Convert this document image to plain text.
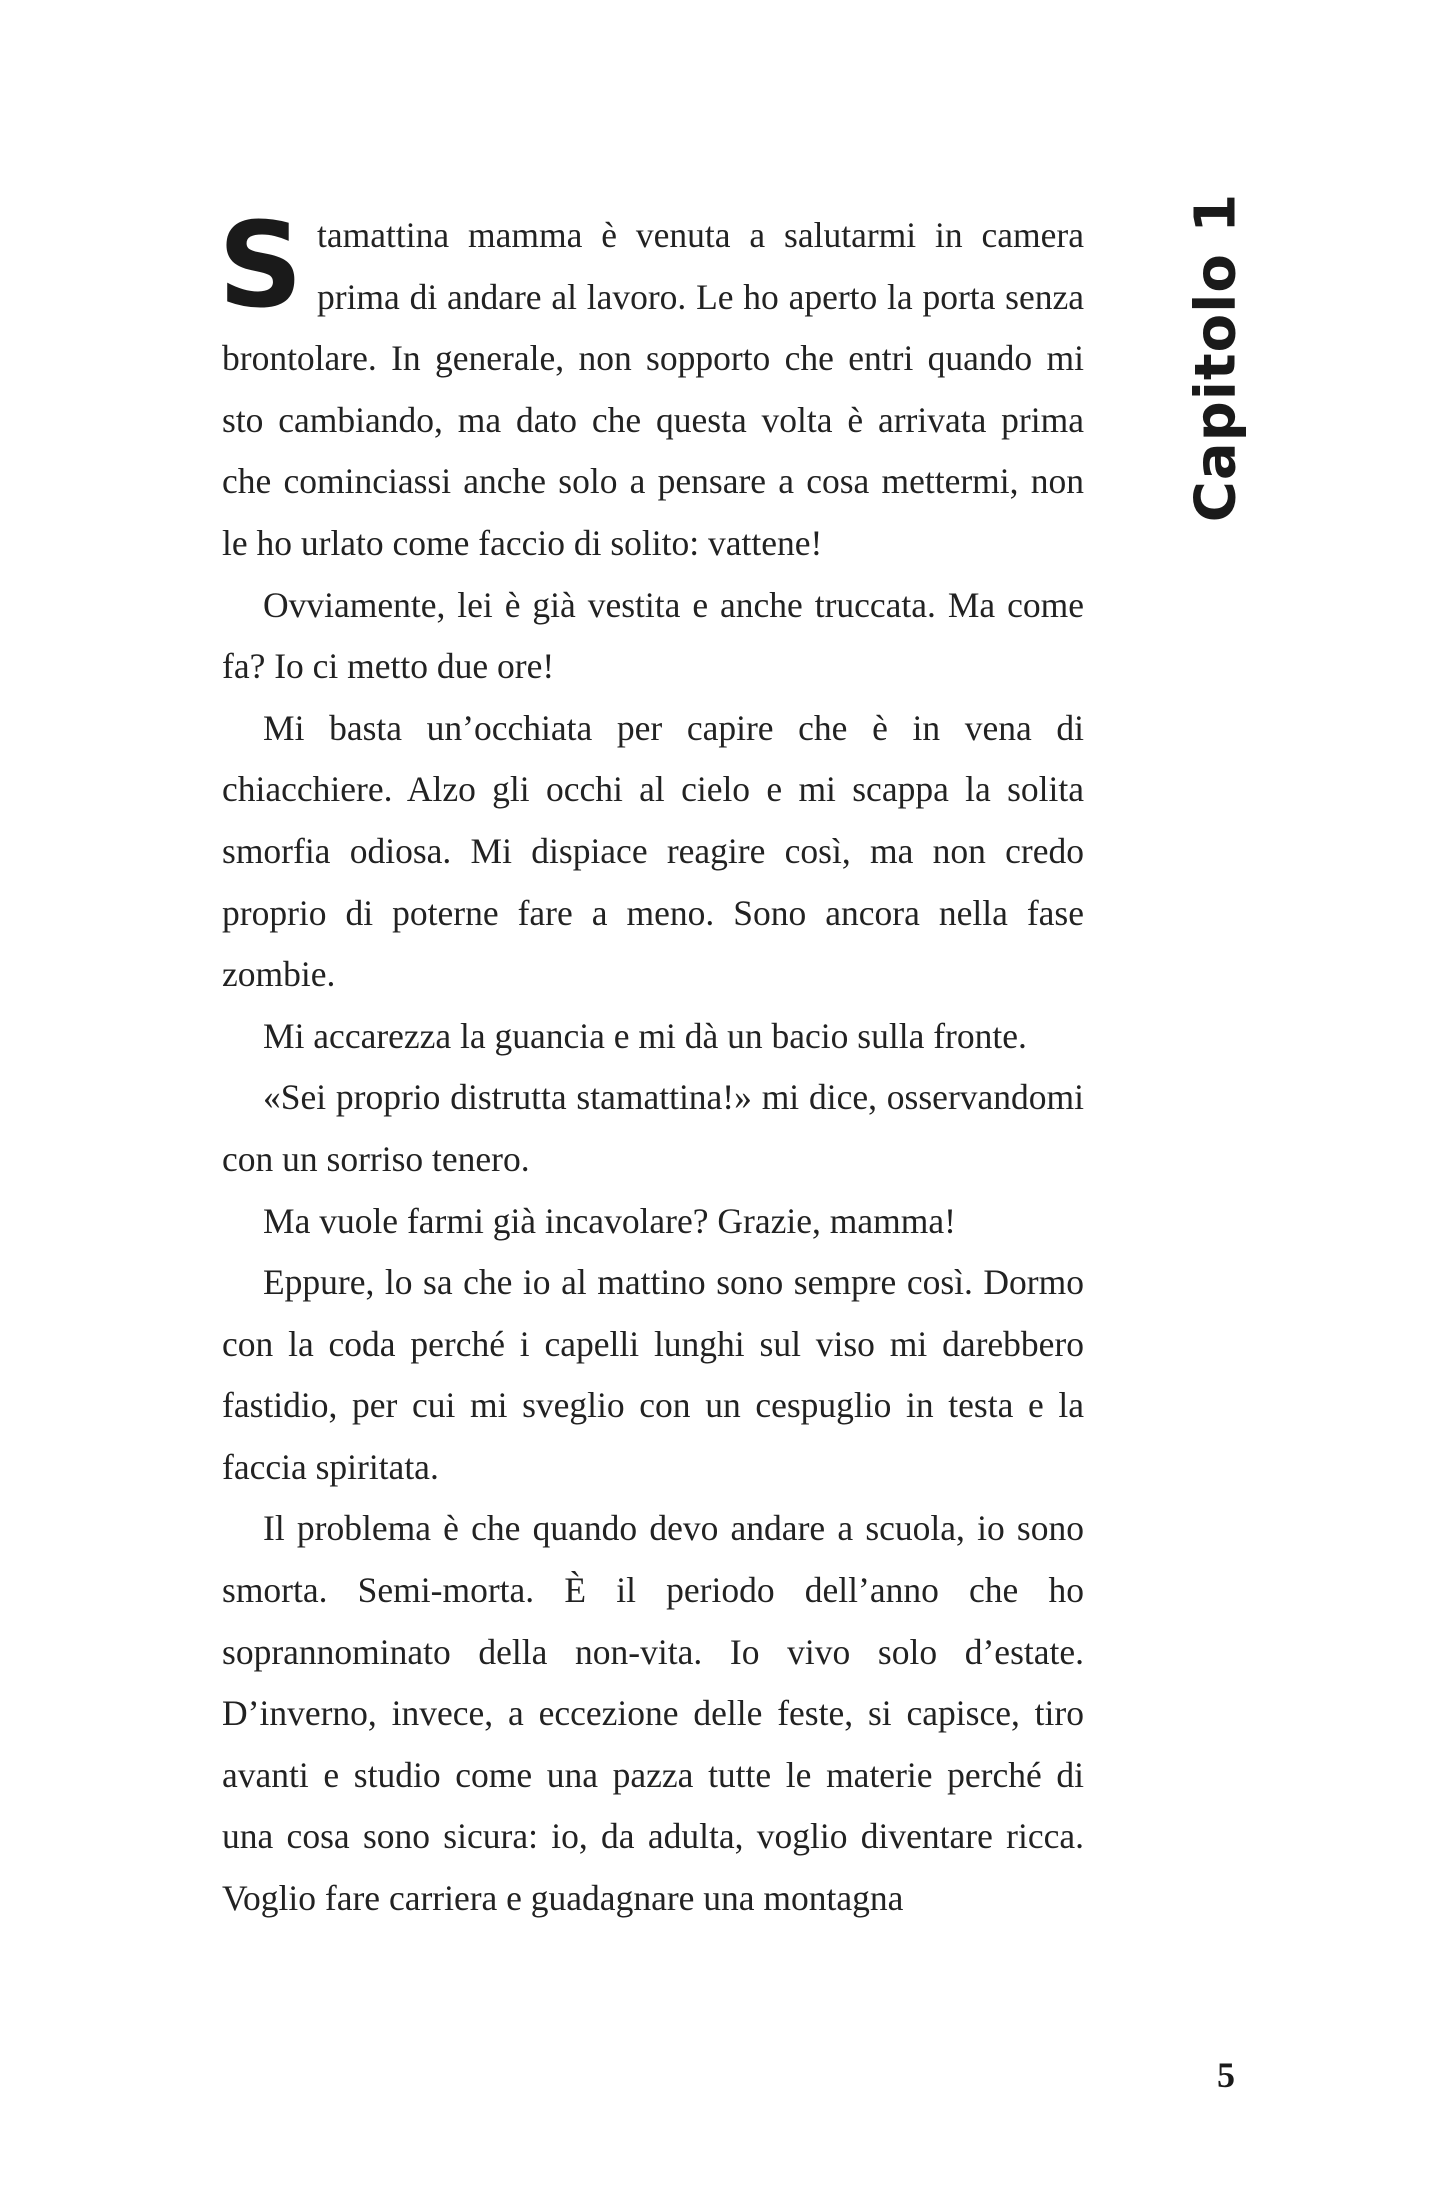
Capitolo 1

Stamattina mamma è venuta a salutarmi in camera prima di andare al lavoro. Le ho aperto la porta senza brontolare. In generale, non sopporto che entri quando mi sto cambiando, ma dato che questa volta è arrivata prima che cominciassi anche solo a pensare a cosa mettermi, non le ho urlato come faccio di solito: vattene!

Ovviamente, lei è già vestita e anche truccata. Ma come fa? Io ci metto due ore!

Mi basta un’occhiata per capire che è in vena di chiacchiere. Alzo gli occhi al cielo e mi scappa la solita smorfia odiosa. Mi dispiace reagire così, ma non credo proprio di poterne fare a meno. Sono ancora nella fase zombie.

Mi accarezza la guancia e mi dà un bacio sulla fronte.

«Sei proprio distrutta stamattina!» mi dice, osservandomi con un sorriso tenero.

Ma vuole farmi già incavolare? Grazie, mamma!

Eppure, lo sa che io al mattino sono sempre così. Dormo con la coda perché i capelli lunghi sul viso mi darebbero fastidio, per cui mi sveglio con un cespuglio in testa e la faccia spiritata.

Il problema è che quando devo andare a scuola, io sono smorta. Semi-morta. È il periodo dell’anno che ho soprannominato della non-vita. Io vivo solo d’estate. D’inverno, invece, a eccezione delle feste, si capisce, tiro avanti e studio come una pazza tutte le materie perché di una cosa sono sicura: io, da adulta, voglio diventare ricca. Voglio fare carriera e guadagnare una montagna

5
